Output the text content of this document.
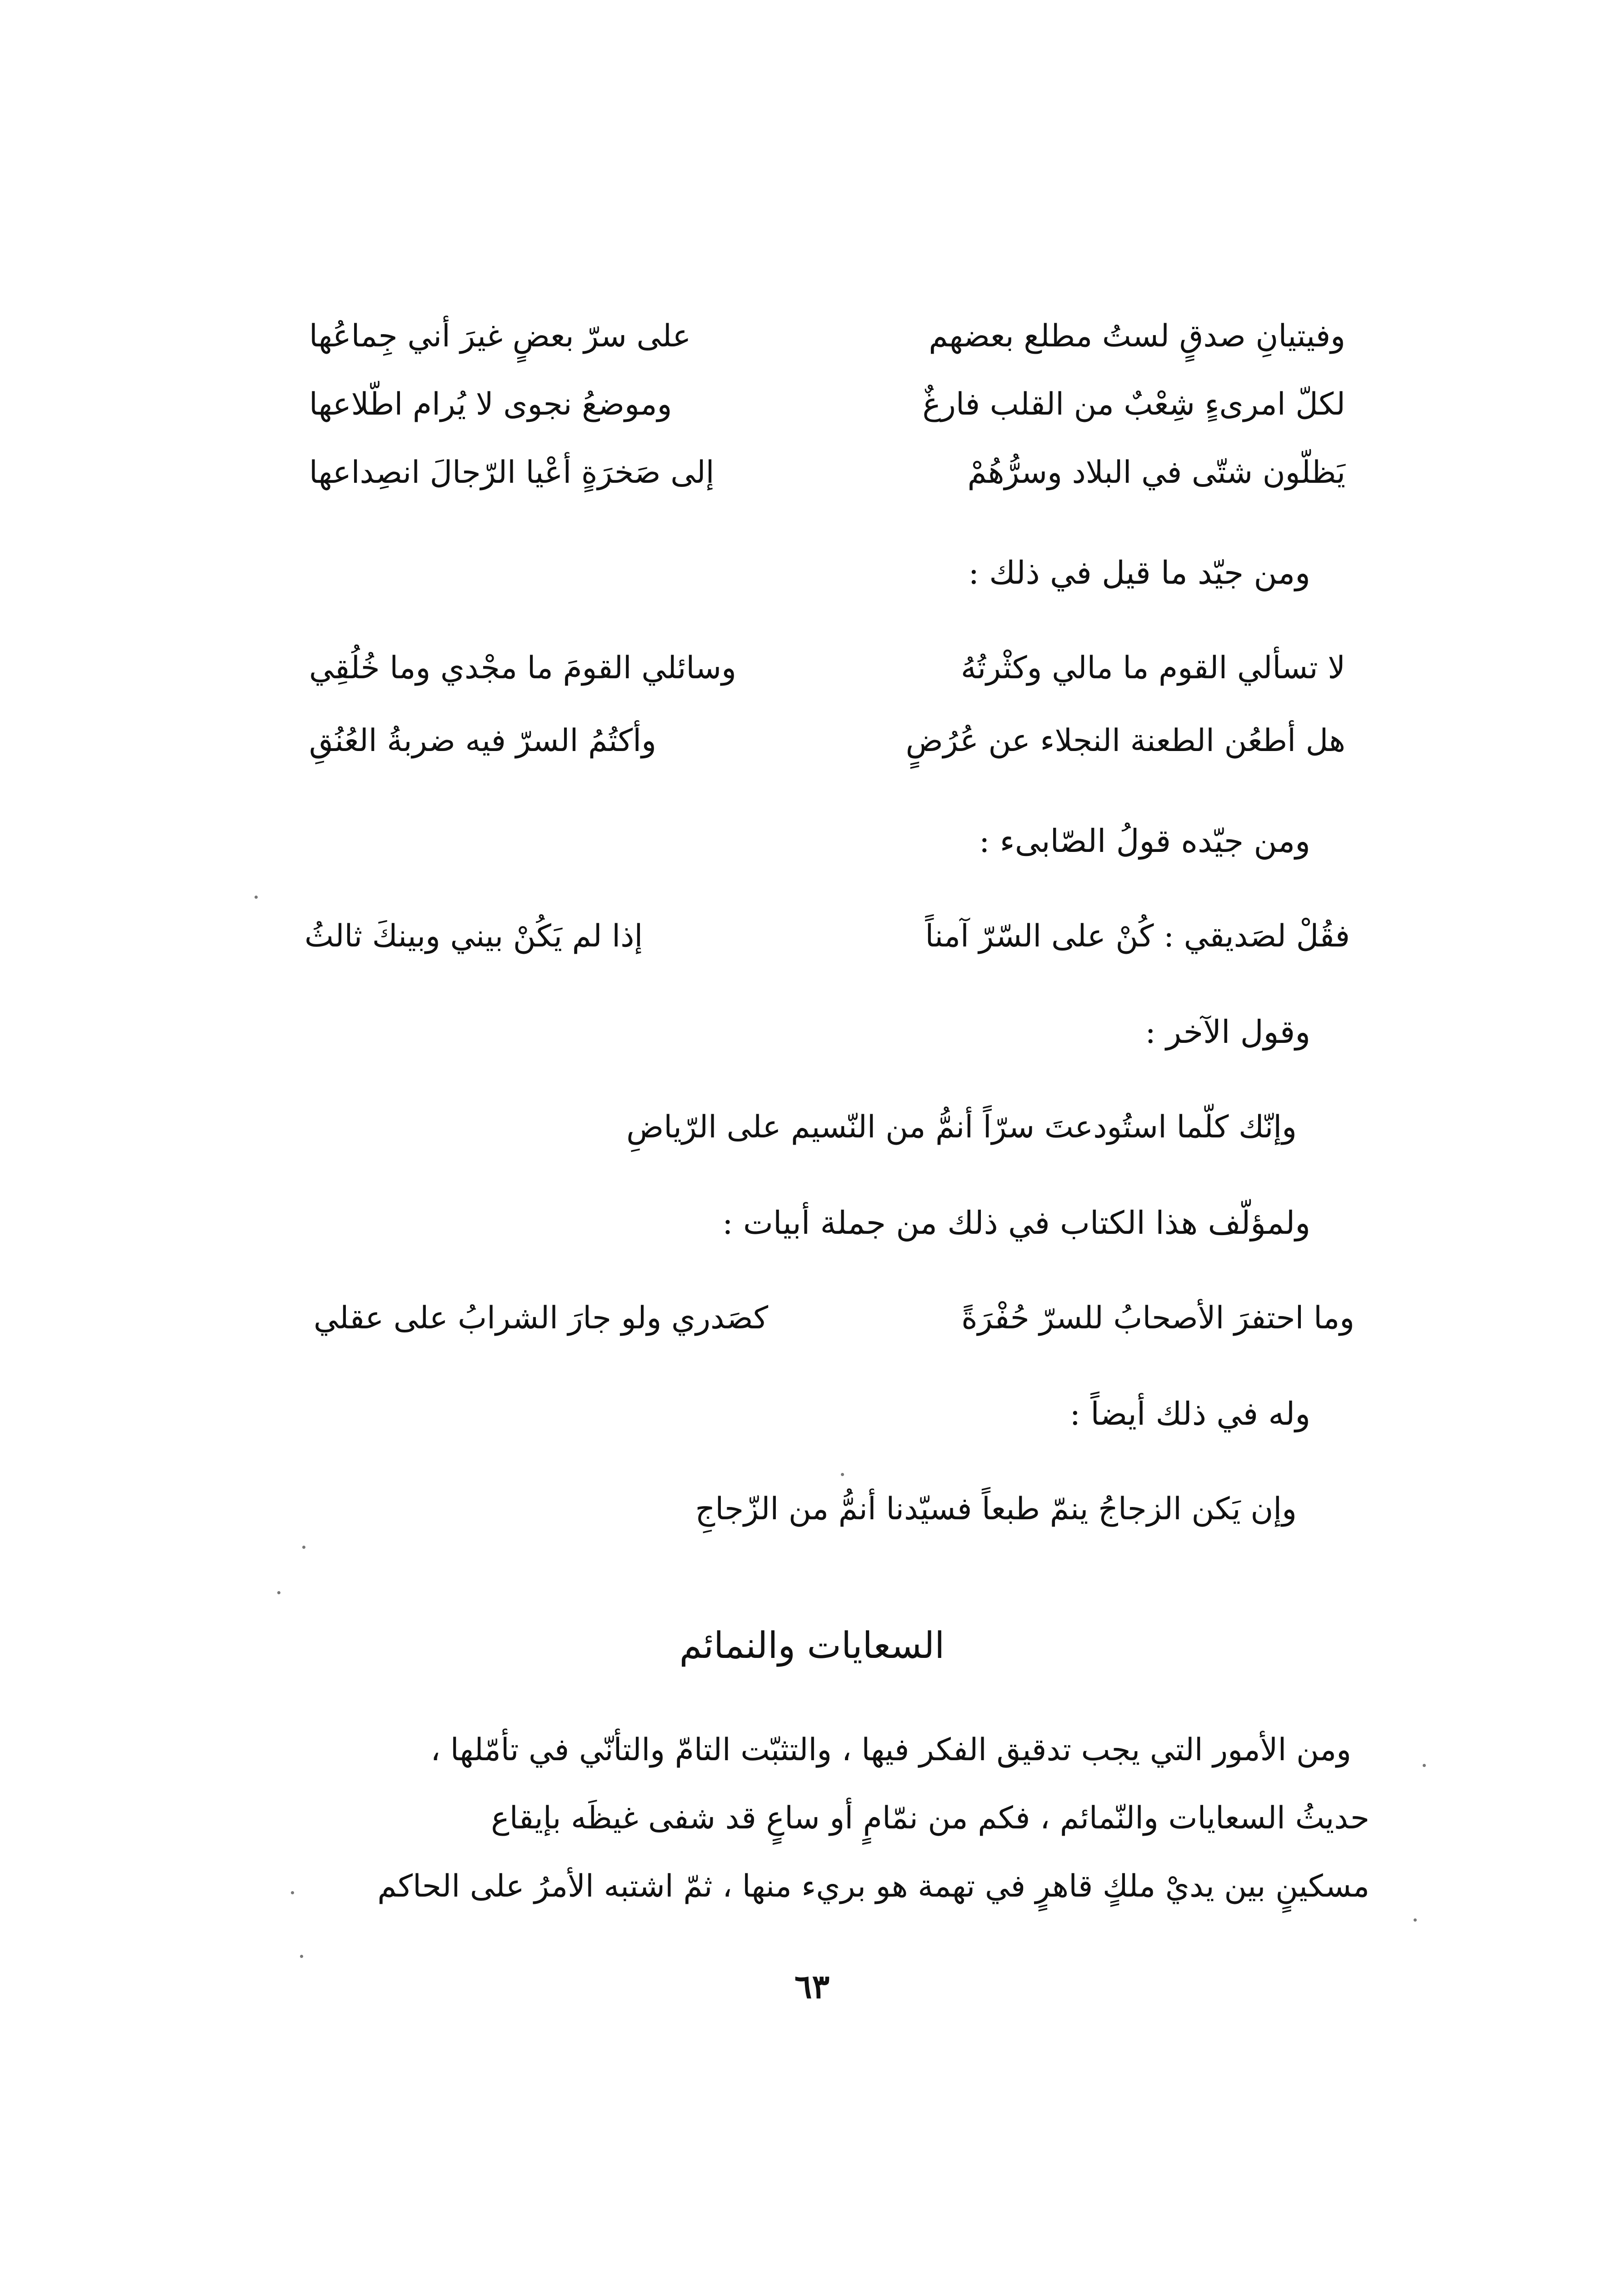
وفيتيانِ صدقٍ لستُ مطلع بعضهم
على سرّ بعضٍ غيرَ أني جِماعُها
لكلّ امرىءٍ شِعْبٌ من القلب فارغٌ
وموضعُ نجوى لا يُرام اطّلاعها
يَظلّون شتّى في البلاد وسرُّهُمْ
إلى صَخرَةٍ أعْيا الرّجالَ انصِداعها
ومن جيّد ما قيل في ذلك :
لا تسألي القوم ما مالي وكثْرتُهُ
وسائلي القومَ ما مجْدي وما خُلُقِي
هل أطعُن الطعنة النجلاء عن عُرُضٍ
وأكتُمُ السرّ فيه ضربةُ العُنُقِ
ومن جيّده قولُ الصّابىء :
فقُلْ لصَديقي : كُنْ على السّرّ آمناً
إذا لم يَكُنْ بيني وبينكَ ثالثُ
وقول الآخر :
وإنّك كلّما استُودعتَ سرّاً أنمُّ من النّسيم على الرّياضِ
ولمؤلّف هذا الكتاب في ذلك من جملة أبيات :
وما احتفرَ الأصحابُ للسرّ حُفْرَةً
كصَدري ولو جارَ الشرابُ على عقلي
وله في ذلك أيضاً :
وإن يَكن الزجاجُ ينمّ طبعاً فسيّدنا أنمُّ من الزّجاجِ
السعايات والنمائم
ومن الأمور التي يجب تدقيق الفكر فيها ، والتثبّت التامّ والتأنّي في تأمّلها ،
حديثُ السعايات والنّمائم ، فكم من نمّامٍ أو ساعٍ قد شفى غيظَه بإيقاع
مسكينٍ بين يديْ ملكٍ قاهرٍ في تهمة هو بريء منها ، ثمّ اشتبه الأمرُ على الحاكم
٦٣
